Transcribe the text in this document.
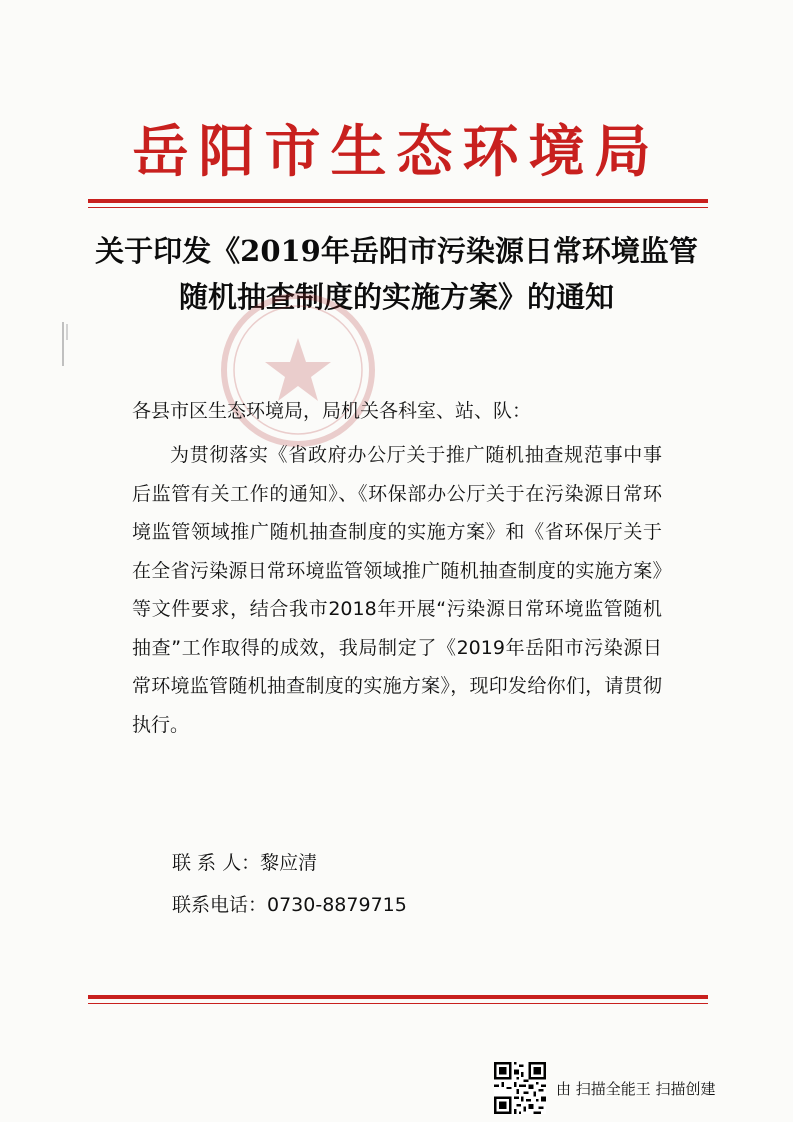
岳阳市生态环境局
关于印发《2019年岳阳市污染源日常环境监管
随机抽查制度的实施方案》的通知
各县市区生态环境局，局机关各科室、站、队：

为贯彻落实《省政府办公厅关于推广随机抽查规范事中事后监管有关工作的通知》、《环保部办公厅关于在污染源日常环境监管领域推广随机抽查制度的实施方案》和《省环保厅关于在全省污染源日常环境监管领域推广随机抽查制度的实施方案》等文件要求，结合我市2018年开展“污染源日常环境监管随机抽查”工作取得的成效，我局制定了《2019年岳阳市污染源日常环境监管随机抽查制度的实施方案》，现印发给你们，请贯彻执行。

联 系 人：黎应清
联系电话：0730-8879715
由 扫描全能王 扫描创建
